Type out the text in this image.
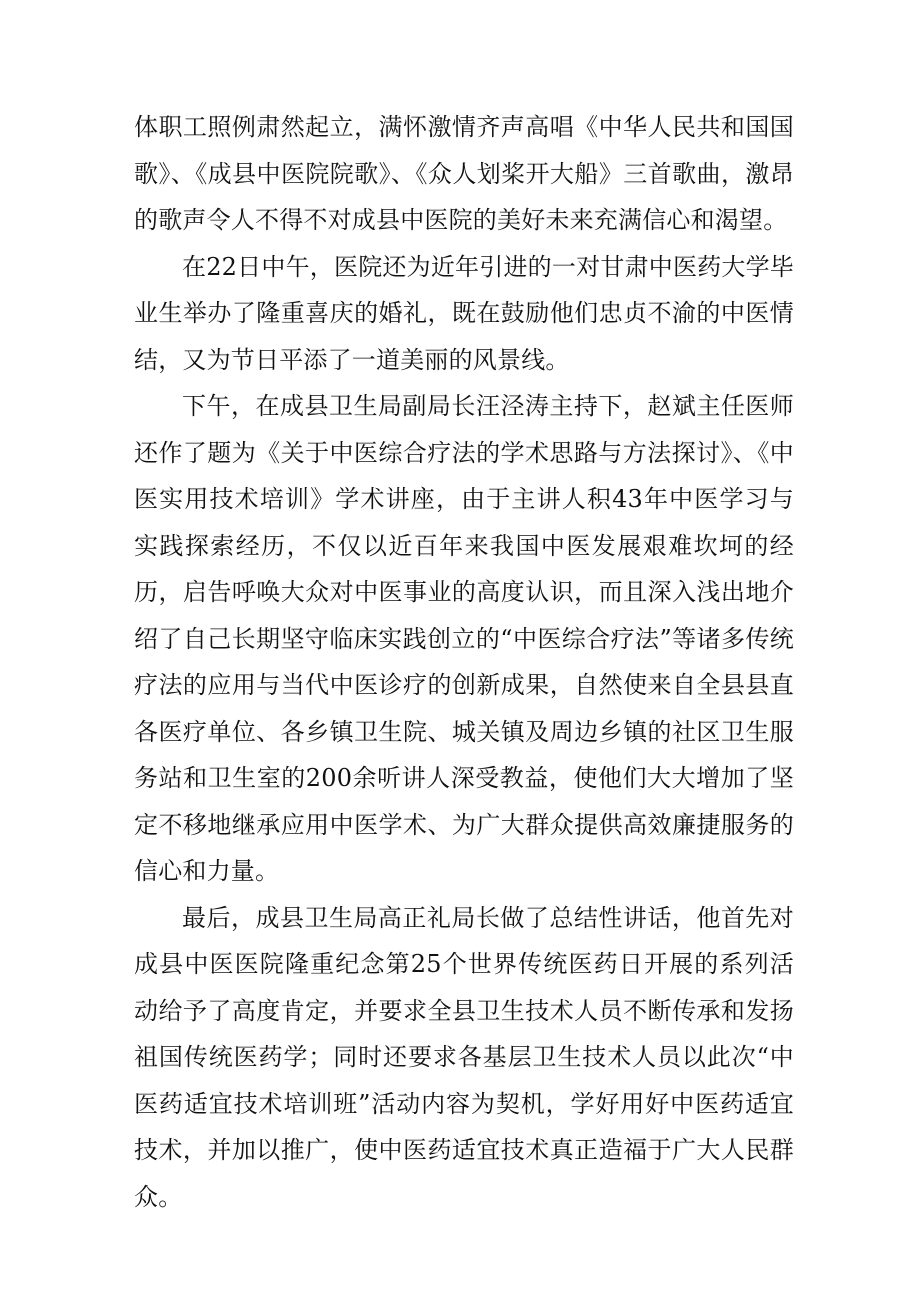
体职工照例肃然起立，满怀激情齐声高唱《中华人民共和国国歌》、《成县中医院院歌》、《众人划桨开大船》三首歌曲，激昂的歌声令人不得不对成县中医院的美好未来充满信心和渴望。

在22日中午，医院还为近年引进的一对甘肃中医药大学毕业生举办了隆重喜庆的婚礼，既在鼓励他们忠贞不渝的中医情结，又为节日平添了一道美丽的风景线。

下午，在成县卫生局副局长汪泾涛主持下，赵斌主任医师还作了题为《关于中医综合疗法的学术思路与方法探讨》、《中医实用技术培训》学术讲座，由于主讲人积43年中医学习与实践探索经历，不仅以近百年来我国中医发展艰难坎坷的经历，启告呼唤大众对中医事业的高度认识，而且深入浅出地介绍了自己长期坚守临床实践创立的“中医综合疗法”等诸多传统疗法的应用与当代中医诊疗的创新成果，自然使来自全县县直各医疗单位、各乡镇卫生院、城关镇及周边乡镇的社区卫生服务站和卫生室的200余听讲人深受教益，使他们大大增加了坚定不移地继承应用中医学术、为广大群众提供高效廉捷服务的信心和力量。

最后，成县卫生局高正礼局长做了总结性讲话，他首先对成县中医医院隆重纪念第25个世界传统医药日开展的系列活动给予了高度肯定，并要求全县卫生技术人员不断传承和发扬祖国传统医药学；同时还要求各基层卫生技术人员以此次“中医药适宜技术培训班”活动内容为契机，学好用好中医药适宜技术，并加以推广，使中医药适宜技术真正造福于广大人民群众。
